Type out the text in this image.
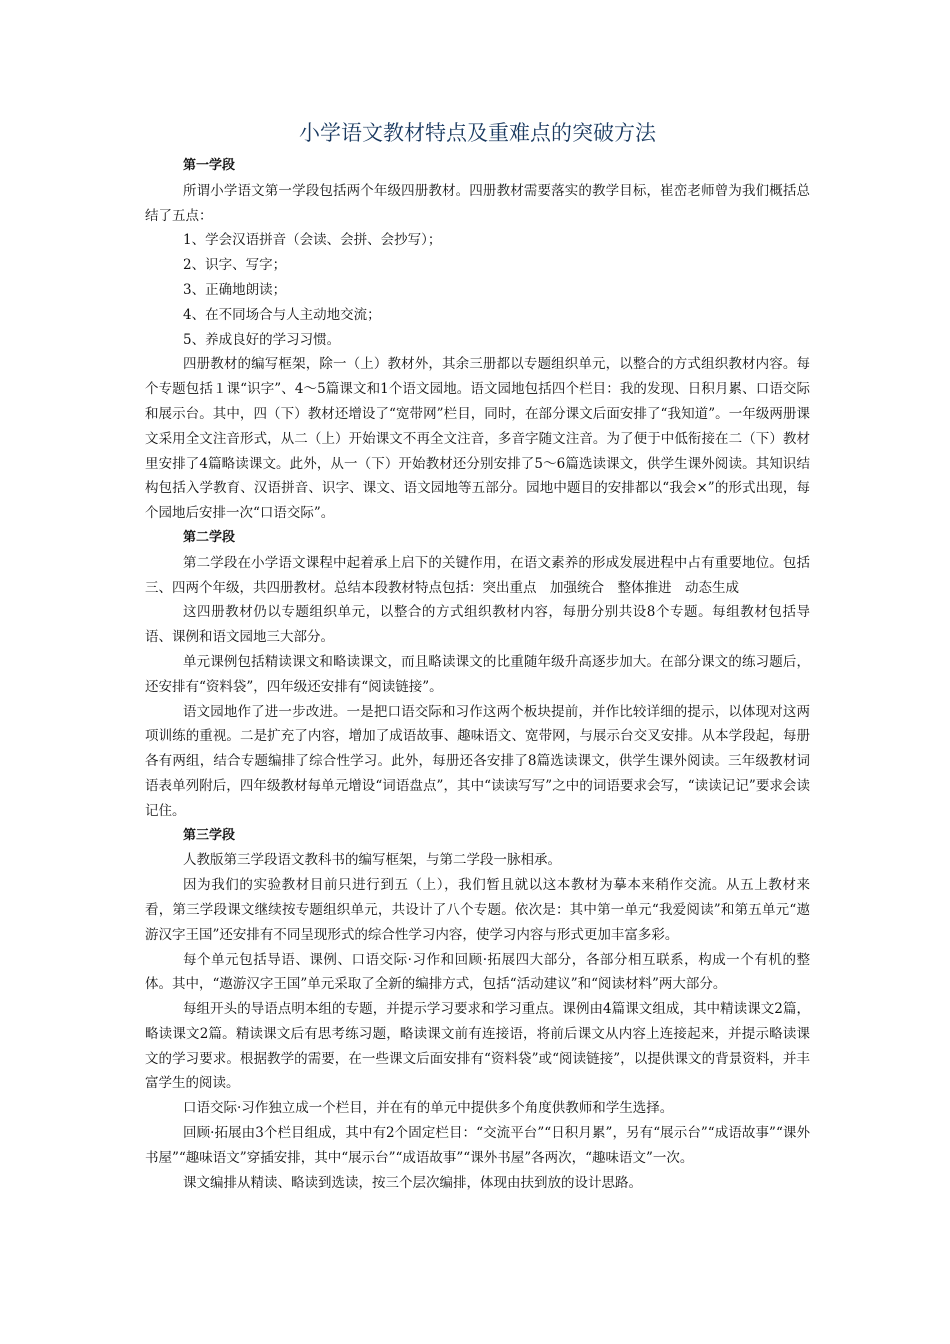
小学语文教材特点及重难点的突破方法

第一学段

所谓小学语文第一学段包括两个年级四册教材。四册教材需要落实的教学目标，崔峦老师曾为我们概括总结了五点：

1、学会汉语拼音（会读、会拼、会抄写）；

2、识字、写字；

3、正确地朗读；

4、在不同场合与人主动地交流；

5、养成良好的学习习惯。

四册教材的编写框架，除一（上）教材外，其余三册都以专题组织单元，以整合的方式组织教材内容。每个专题包括１课“识字”、4～5篇课文和1个语文园地。语文园地包括四个栏目：我的发现、日积月累、口语交际和展示台。其中，四（下）教材还增设了“宽带网”栏目，同时，在部分课文后面安排了“我知道”。一年级两册课文采用全文注音形式，从二（上）开始课文不再全文注音，多音字随文注音。为了便于中低衔接在二（下）教材里安排了4篇略读课文。此外，从一（下）开始教材还分别安排了5～6篇选读课文，供学生课外阅读。其知识结构包括入学教育、汉语拼音、识字、课文、语文园地等五部分。园地中题目的安排都以“我会×”的形式出现，每个园地后安排一次“口语交际”。

第二学段

第二学段在小学语文课程中起着承上启下的关键作用，在语文素养的形成发展进程中占有重要地位。包括三、四两个年级，共四册教材。总结本段教材特点包括：突出重点　加强统合　整体推进　动态生成

这四册教材仍以专题组织单元，以整合的方式组织教材内容，每册分别共设8个专题。每组教材包括导语、课例和语文园地三大部分。

单元课例包括精读课文和略读课文，而且略读课文的比重随年级升高逐步加大。在部分课文的练习题后，还安排有“资料袋”，四年级还安排有“阅读链接”。

语文园地作了进一步改进。一是把口语交际和习作这两个板块提前，并作比较详细的提示，以体现对这两项训练的重视。二是扩充了内容，增加了成语故事、趣味语文、宽带网，与展示台交叉安排。从本学段起，每册各有两组，结合专题编排了综合性学习。此外，每册还各安排了8篇选读课文，供学生课外阅读。三年级教材词语表单列附后，四年级教材每单元增设“词语盘点”，其中“读读写写”之中的词语要求会写，“读读记记”要求会读记住。

第三学段

人教版第三学段语文教科书的编写框架，与第二学段一脉相承。

因为我们的实验教材目前只进行到五（上），我们暂且就以这本教材为摹本来稍作交流。从五上教材来看，第三学段课文继续按专题组织单元，共设计了八个专题。依次是：其中第一单元“我爱阅读”和第五单元“遨游汉字王国”还安排有不同呈现形式的综合性学习内容，使学习内容与形式更加丰富多彩。

每个单元包括导语、课例、口语交际·习作和回顾·拓展四大部分，各部分相互联系，构成一个有机的整体。其中，“遨游汉字王国”单元采取了全新的编排方式，包括“活动建议”和“阅读材料”两大部分。

每组开头的导语点明本组的专题，并提示学习要求和学习重点。课例由4篇课文组成，其中精读课文2篇，略读课文2篇。精读课文后有思考练习题，略读课文前有连接语，将前后课文从内容上连接起来，并提示略读课文的学习要求。根据教学的需要，在一些课文后面安排有“资料袋”或“阅读链接”，以提供课文的背景资料，并丰富学生的阅读。

口语交际·习作独立成一个栏目，并在有的单元中提供多个角度供教师和学生选择。

回顾·拓展由3个栏目组成，其中有2个固定栏目：“交流平台”“日积月累”，另有“展示台”“成语故事”“课外书屋”“趣味语文”穿插安排，其中“展示台”“成语故事”“课外书屋”各两次，“趣味语文”一次。

课文编排从精读、略读到选读，按三个层次编排，体现由扶到放的设计思路。
